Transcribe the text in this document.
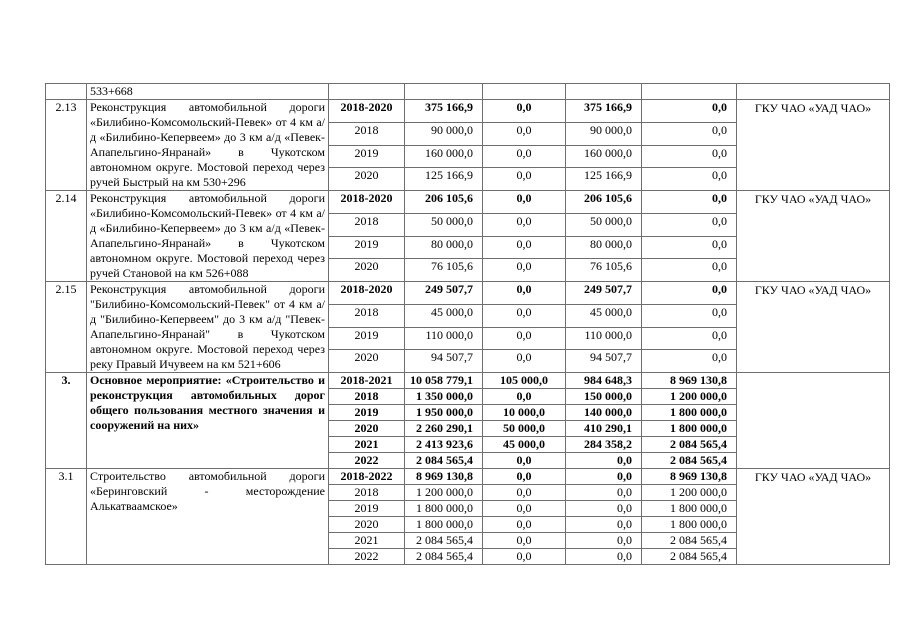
	533+668						
2.13	Реконструкция автомобильной дороги «Билибино-Комсомольский-Певек» от 4 км а/д «Билибино-Кепервеем» до 3 км а/д «Певек-Апапельгино-Янранай» в Чукотском автономном округе. Мостовой переход через ручей Быстрый на км 530+296	2018-2020	375 166,9	0,0	375 166,9	0,0	ГКУ ЧАО «УАД ЧАО»
		2018	90 000,0	0,0	90 000,0	0,0	
		2019	160 000,0	0,0	160 000,0	0,0	
		2020	125 166,9	0,0	125 166,9	0,0	
2.14	Реконструкция автомобильной дороги «Билибино-Комсомольский-Певек» от 4 км а/д «Билибино-Кепервеем» до 3 км а/д «Певек-Апапельгино-Янранай» в Чукотском автономном округе. Мостовой переход через ручей Становой на км 526+088	2018-2020	206 105,6	0,0	206 105,6	0,0	ГКУ ЧАО «УАД ЧАО»
		2018	50 000,0	0,0	50 000,0	0,0	
		2019	80 000,0	0,0	80 000,0	0,0	
		2020	76 105,6	0,0	76 105,6	0,0	
2.15	Реконструкция автомобильной дороги "Билибино-Комсомольский-Певек" от 4 км а/д "Билибино-Кепервеем" до 3 км а/д "Певек-Апапельгино-Янранай" в Чукотском автономном округе. Мостовой переход через реку Правый Ичувеем на км 521+606	2018-2020	249 507,7	0,0	249 507,7	0,0	ГКУ ЧАО «УАД ЧАО»
		2018	45 000,0	0,0	45 000,0	0,0	
		2019	110 000,0	0,0	110 000,0	0,0	
		2020	94 507,7	0,0	94 507,7	0,0	
3.	Основное мероприятие: «Строительство и реконструкция автомобильных дорог общего пользования местного значения и сооружений на них»	2018-2021	10 058 779,1	105 000,0	984 648,3	8 969 130,8	
		2018	1 350 000,0	0,0	150 000,0	1 200 000,0	
		2019	1 950 000,0	10 000,0	140 000,0	1 800 000,0	
		2020	2 260 290,1	50 000,0	410 290,1	1 800 000,0	
		2021	2 413 923,6	45 000,0	284 358,2	2 084 565,4	
		2022	2 084 565,4	0,0	0,0	2 084 565,4	
3.1	Строительство автомобильной дороги «Беринговский - месторождение Алькатваамское»	2018-2022	8 969 130,8	0,0	0,0	8 969 130,8	ГКУ ЧАО «УАД ЧАО»
		2018	1 200 000,0	0,0	0,0	1 200 000,0	
		2019	1 800 000,0	0,0	0,0	1 800 000,0	
		2020	1 800 000,0	0,0	0,0	1 800 000,0	
		2021	2 084 565,4	0,0	0,0	2 084 565,4	
		2022	2 084 565,4	0,0	0,0	2 084 565,4	
